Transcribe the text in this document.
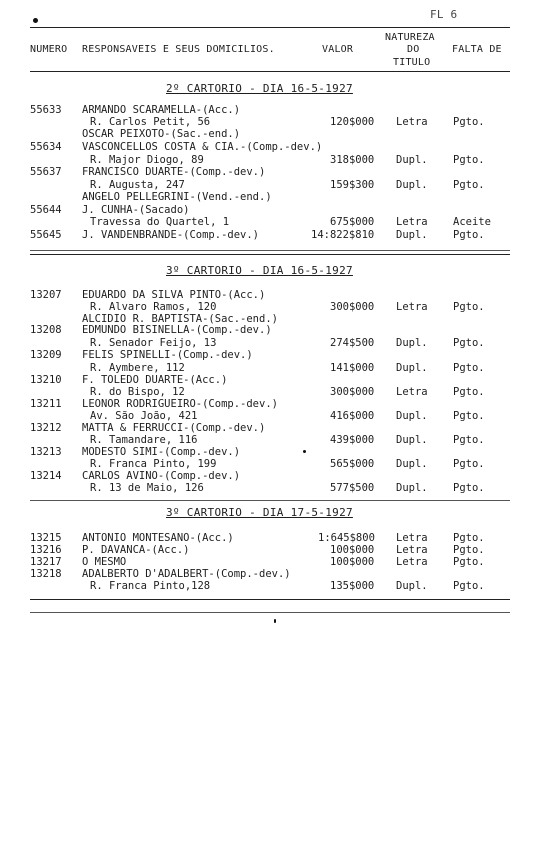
FL 6
NUMERO RESPONSAVEIS E SEUS DOMICILIOS.	VALOR
NATUREZA
DO
TITULO
FALTA DE
2º CARTORIO - DIA 16-5-1927
55633 ARMANDO SCARAMELLA-(Acc.)
R. Carlos Petit, 56	120$000 Letra Pgto.
OSCAR PEIXOTO-(Sac.-end.)
55634 VASCONCELLOS COSTA & CIA.-(Comp.-dev.)
R. Major Diogo, 89	318$000 Dupl. Pgto.
55637 FRANCISCO DUARTE-(Comp.-dev.)
R. Augusta, 247	159$300 Dupl. Pgto.
ANGELO PELLEGRINI-(Vend.-end.)
55644 J. CUNHA-(Sacado)
Travessa do Quartel, 1	675$000 Letra Aceite
55645 J. VANDENBRANDE-(Comp.-dev.)	14:822$810 Dupl. Pgto.
3º CARTORIO - DIA 16-5-1927
13207 EDUARDO DA SILVA PINTO-(Acc.)
R. Alvaro Ramos, 120	300$000 Letra Pgto.
ALCIDIO R. BAPTISTA-(Sac.-end.)
13208 EDMUNDO BISINELLA-(Comp.-dev.)
R. Senador Feijo, 13	274$500 Dupl. Pgto.
13209 FELIS SPINELLI-(Comp.-dev.)
R. Aymbere, 112	141$000 Dupl. Pgto.
13210 F. TOLEDO DUARTE-(Acc.)
R. do Bispo, 12	300$000 Letra Pgto.
13211 LEONOR RODRIGUEIRO-(Comp.-dev.)
Av. São João, 421	416$000 Dupl. Pgto.
13212 MATTA & FERRUCCI-(Comp.-dev.)
R. Tamandare, 116	439$000 Dupl. Pgto.
13213 MODESTO SIMI-(Comp.-dev.)
R. Franca Pinto, 199	565$000 Dupl. Pgto.
13214 CARLOS AVINO-(Comp.-dev.)
R. 13 de Maio, 126	577$500 Dupl. Pgto.
3º CARTORIO - DIA 17-5-1927
13215 ANTONIO MONTESANO-(Acc.)	1:645$800 Letra Pgto.
13216 P. DAVANCA-(Acc.)	100$000 Letra Pgto.
13217 O MESMO	100$000 Letra Pgto.
13218 ADALBERTO D'ADALBERT-(Comp.-dev.)
R. Franca Pinto,128	135$000 Dupl. Pgto.
